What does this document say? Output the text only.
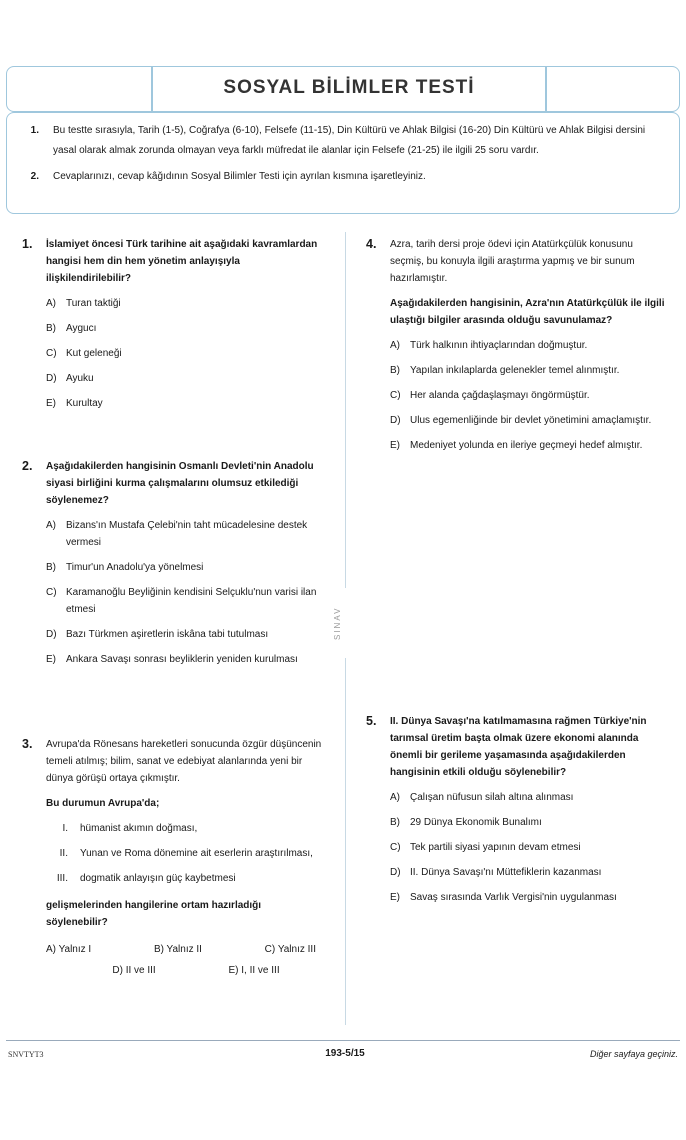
SOSYAL BİLİMLER TESTİ
1.	Bu testte sırasıyla, Tarih (1-5), Coğrafya (6-10), Felsefe (11-15), Din Kültürü ve Ahlak Bilgisi (16-20) Din Kültürü ve Ahlak Bilgisi dersini yasal olarak almak zorunda olmayan veya farklı müfredat ile alanlar için Felsefe (21-25) ile ilgili 25 soru vardır.
2.	Cevaplarınızı, cevap kâğıdının Sosyal Bilimler Testi için ayrılan kısmına işaretleyiniz.
SINAV
1. İslamiyet öncesi Türk tarihine ait aşağıdaki kavramlardan hangisi hem din hem yönetim anlayışıyla ilişkilendirilebilir?
A)	Turan taktiği
B)	Aygucı
C) Kut geleneği
D) Ayuku
E)	Kurultay
2. Aşağıdakilerden hangisinin Osmanlı Devleti'nin Anadolu siyasi birliğini kurma çalışmalarını olumsuz etkilediği söylenemez?
A)	Bizans'ın Mustafa Çelebi'nin taht mücadelesine destek vermesi
B)	Timur'un Anadolu'ya yönelmesi
C) Karamanoğlu Beyliğinin kendisini Selçuklu'nun varisi ilan etmesi
D) Bazı Türkmen aşiretlerin iskâna tabi tutulması
E)	Ankara Savaşı sonrası beyliklerin yeniden kurulması
3. Avrupa'da Rönesans hareketleri sonucunda özgür düşüncenin temeli atılmış; bilim, sanat ve edebiyat alanlarında yeni bir dünya görüşü ortaya çıkmıştır.
Bu durumun Avrupa'da;
I.	hümanist akımın doğması,
II.	Yunan ve Roma dönemine ait eserlerin araştırılması,
III.	dogmatik anlayışın güç kaybetmesi
gelişmelerinden hangilerine ortam hazırladığı söylenebilir?
A) Yalnız I	B) Yalnız II	C) Yalnız III
D) II ve III	E) I, II ve III
4. Azra, tarih dersi proje ödevi için Atatürkçülük konusunu seçmiş, bu konuyla ilgili araştırma yapmış ve bir sunum hazırlamıştır.
Aşağıdakilerden hangisinin, Azra'nın Atatürkçülük ile ilgili ulaştığı bilgiler arasında olduğu savunulamaz?
A)	Türk halkının ihtiyaçlarından doğmuştur.
B)	Yapılan inkılaplarda gelenekler temel alınmıştır.
C) Her alanda çağdaşlaşmayı öngörmüştür.
D) Ulus egemenliğinde bir devlet yönetimini amaçlamıştır.
E)	Medeniyet yolunda en ileriye geçmeyi hedef almıştır.
5. II. Dünya Savaşı'na katılmamasına rağmen Türkiye'nin tarımsal üretim başta olmak üzere ekonomi alanında önemli bir gerileme yaşamasında aşağıdakilerden hangisinin etkili olduğu söylenebilir?
A)	Çalışan nüfusun silah altına alınması
B)	29 Dünya Ekonomik Bunalımı
C) Tek partili siyasi yapının devam etmesi
D) II. Dünya Savaşı'nı Müttefiklerin kazanması
E)	Savaş sırasında Varlık Vergisi'nin uygulanması
SNVTYT3	193-5/15	Diğer sayfaya geçiniz.
